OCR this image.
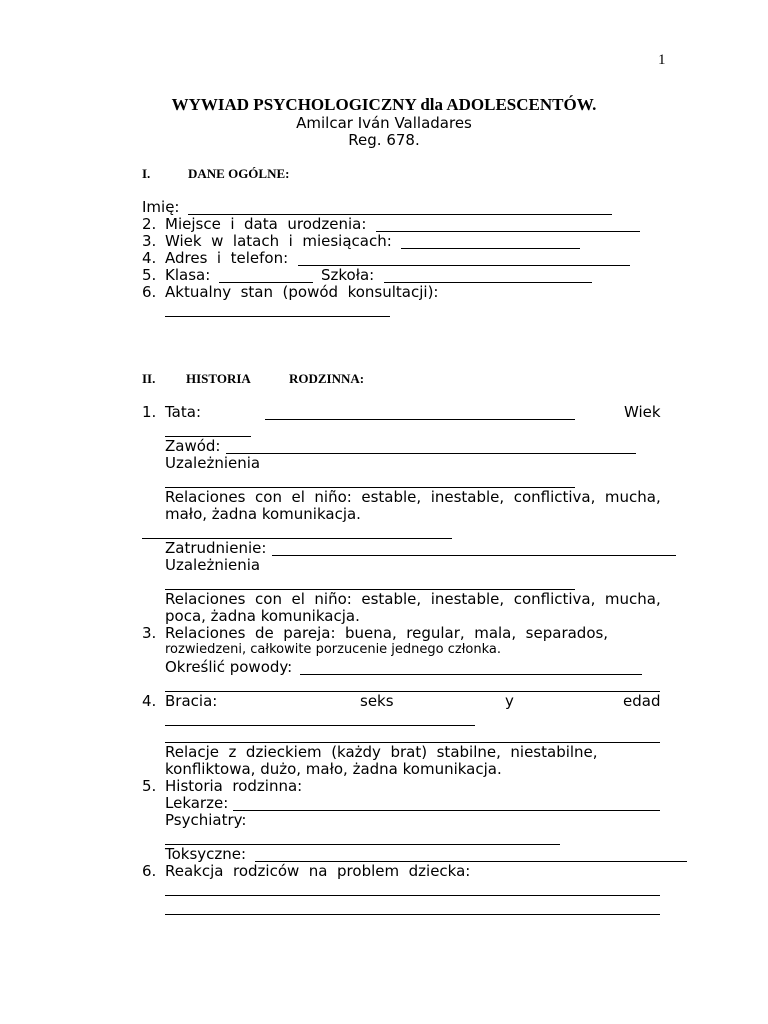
1
WYWIAD PSYCHOLOGICZNY dla ADOLESCENTÓW.
Amilcar Iván Valladares
Reg. 678.
I.	DANE OGÓLNE:
Imię:
2. Miejsce  i  data  urodzenia:
3. Wiek  w  latach  i  miesiącach:
4. Adres  i  telefon:
5. Klasa:	Szkoła:
6. Aktualny  stan  (powód  konsultacji):
II. HISTORIA	RODZINNA:
1. Tata:	Wiek
Zawód:
Uzależnienia
Relaciones  con  el  niño:  estable,  inestable,  conflictiva,  mucha,
mało, żadna komunikacja.
Zatrudnienie:
Uzależnienia
Relaciones  con  el  niño:  estable,  inestable,  conflictiva,  mucha,
poca, żadna komunikacja.
3. Relaciones  de  pareja:  buena,  regular,  mala,  separados,
rozwiedzeni, całkowite porzucenie jednego członka.
Określić powody:
4. Bracia:	seks	y	edad
Relacje  z  dzieckiem  (każdy  brat)  stabilne,  niestabilne,
konfliktowa, dużo, mało, żadna komunikacja.
5. Historia  rodzinna:
Lekarze:
Psychiatry:
Toksyczne:
6. Reakcja  rodziców  na  problem  dziecka:
